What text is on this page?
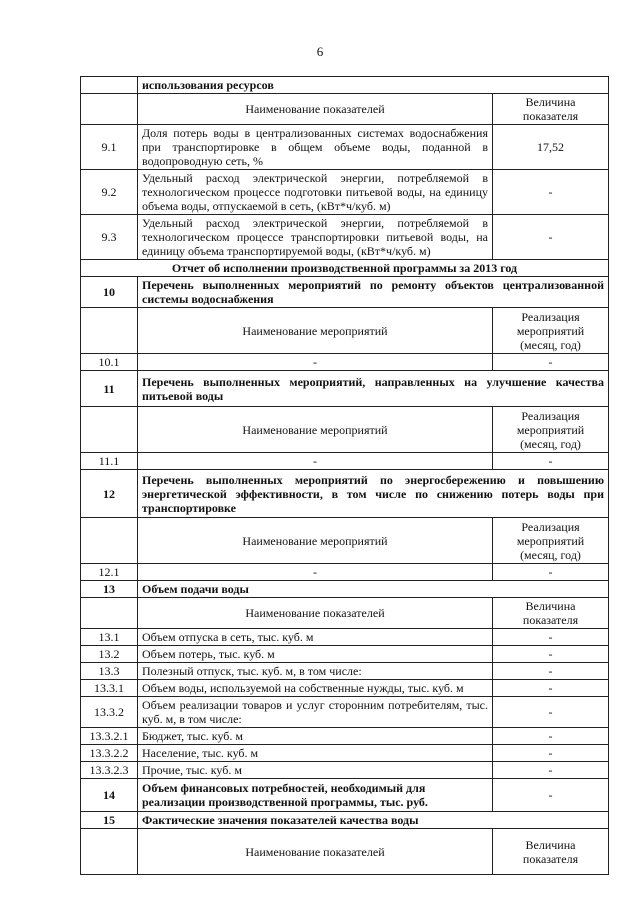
6
	использования ресурсов	
	Наименование показателей	Величина показателя
9.1	Доля потерь воды в централизованных системах водоснабжения при транспортировке в общем объеме воды, поданной в водопроводную сеть, %	17,52
9.2	Удельный расход электрической энергии, потребляемой в технологическом процессе подготовки питьевой воды, на единицу объема воды, отпускаемой в сеть, (кВт*ч/куб. м)	-
9.3	Удельный расход электрической энергии, потребляемой в технологическом процессе транспортировки питьевой воды, на единицу объема транспортируемой воды, (кВт*ч/куб. м)	-
Отчет об исполнении производственной программы за 2013 год		
10	Перечень выполненных мероприятий по ремонту объектов централизованной системы водоснабжения	
	Наименование мероприятий	Реализация мероприятий (месяц, год)
10.1	-	-
11	Перечень выполненных мероприятий, направленных на улучшение качества питьевой воды	
	Наименование мероприятий	Реализация мероприятий (месяц, год)
11.1	-	-
12	Перечень выполненных мероприятий по энергосбережению и повышению энергетической эффективности, в том числе по снижению потерь воды при транспортировке	
	Наименование мероприятий	Реализация мероприятий (месяц, год)
12.1	-	-
13	Объем подачи воды	
	Наименование показателей	Величина показателя
13.1	Объем отпуска в сеть, тыс. куб. м	-
13.2	Объем потерь, тыс. куб. м	-
13.3	Полезный отпуск, тыс. куб. м, в том числе:	-
13.3.1	Объем воды, используемой на собственные нужды, тыс. куб. м	-
13.3.2	Объем реализации товаров и услуг сторонним потребителям, тыс. куб. м, в том числе:	-
13.3.2.1	Бюджет, тыс. куб. м	-
13.3.2.2	Население, тыс. куб. м	-
13.3.2.3	Прочие, тыс. куб. м	-
14	Объем финансовых потребностей, необходимый для реализации производственной программы, тыс. руб.	-
15	Фактические значения показателей качества воды	
	Наименование показателей	Величина показателя
